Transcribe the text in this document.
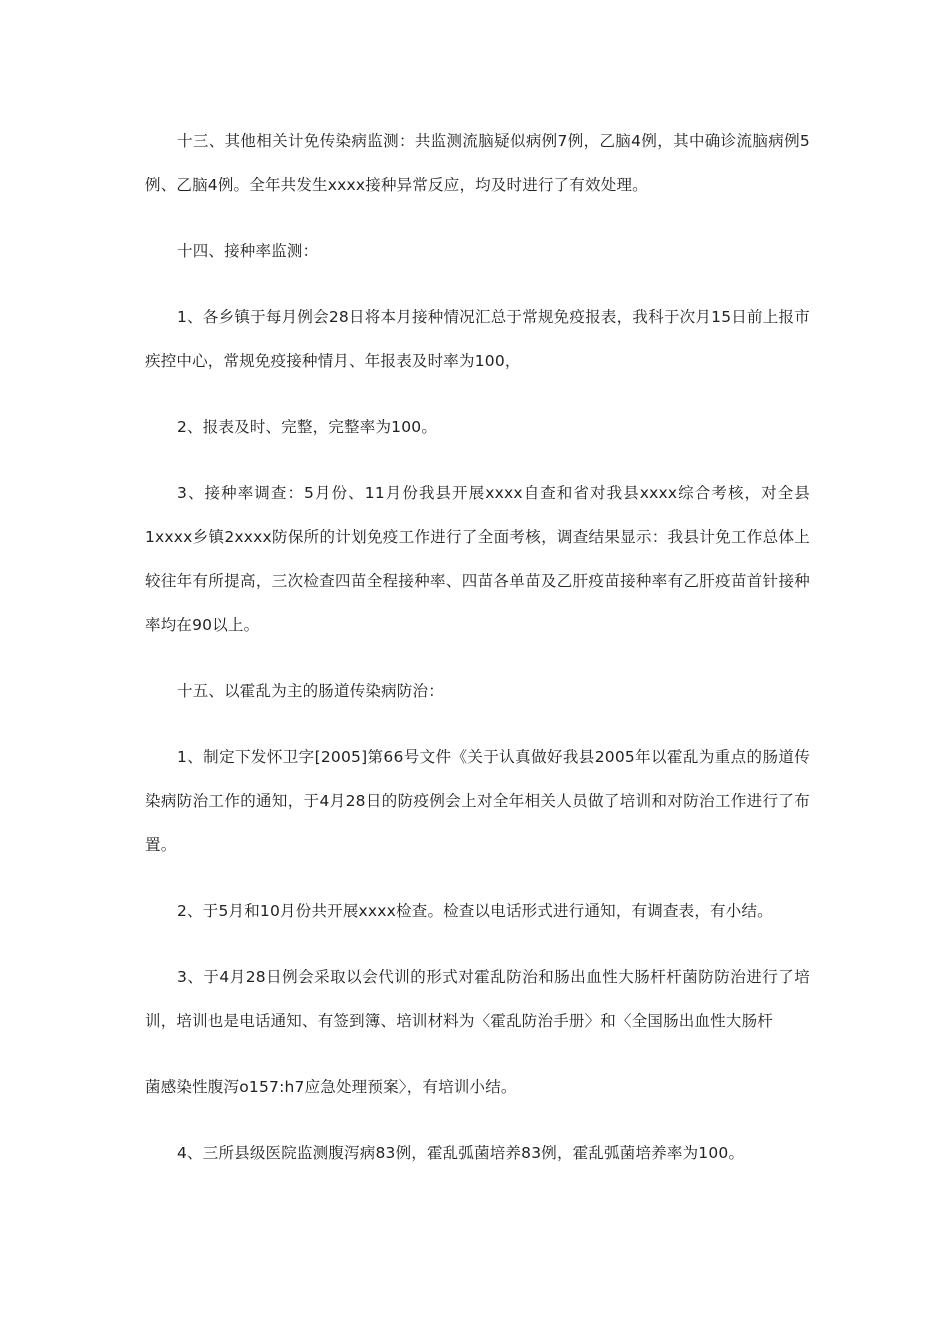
十三、其他相关计免传染病监测：共监测流脑疑似病例7例，乙脑4例，其中确诊流脑病例5例、乙脑4例。全年共发生xxxx接种异常反应，均及时进行了有效处理。

十四、接种率监测：

1、各乡镇于每月例会28日将本月接种情况汇总于常规免疫报表，我科于次月15日前上报市疾控中心，常规免疫接种情月、年报表及时率为100，

2、报表及时、完整，完整率为100。

3、接种率调查：5月份、11月份我县开展xxxx自查和省对我县xxxx综合考核，对全县1xxxx乡镇2xxxx防保所的计划免疫工作进行了全面考核，调查结果显示：我县计免工作总体上较往年有所提高，三次检查四苗全程接种率、四苗各单苗及乙肝疫苗接种率有乙肝疫苗首针接种率均在90以上。

十五、以霍乱为主的肠道传染病防治：

1、制定下发怀卫字[2005]第66号文件《关于认真做好我县2005年以霍乱为重点的肠道传染病防治工作的通知，于4月28日的防疫例会上对全年相关人员做了培训和对防治工作进行了布置。

2、于5月和10月份共开展xxxx检查。检查以电话形式进行通知，有调查表，有小结。

3、于4月28日例会采取以会代训的形式对霍乱防治和肠出血性大肠杆杆菌防防治进行了培训，培训也是电话通知、有签到簿、培训材料为〈霍乱防治手册〉和〈全国肠出血性大肠杆

菌感染性腹泻o157:h7应急处理预案〉，有培训小结。

4、三所县级医院监测腹泻病83例，霍乱弧菌培养83例，霍乱弧菌培养率为100。
